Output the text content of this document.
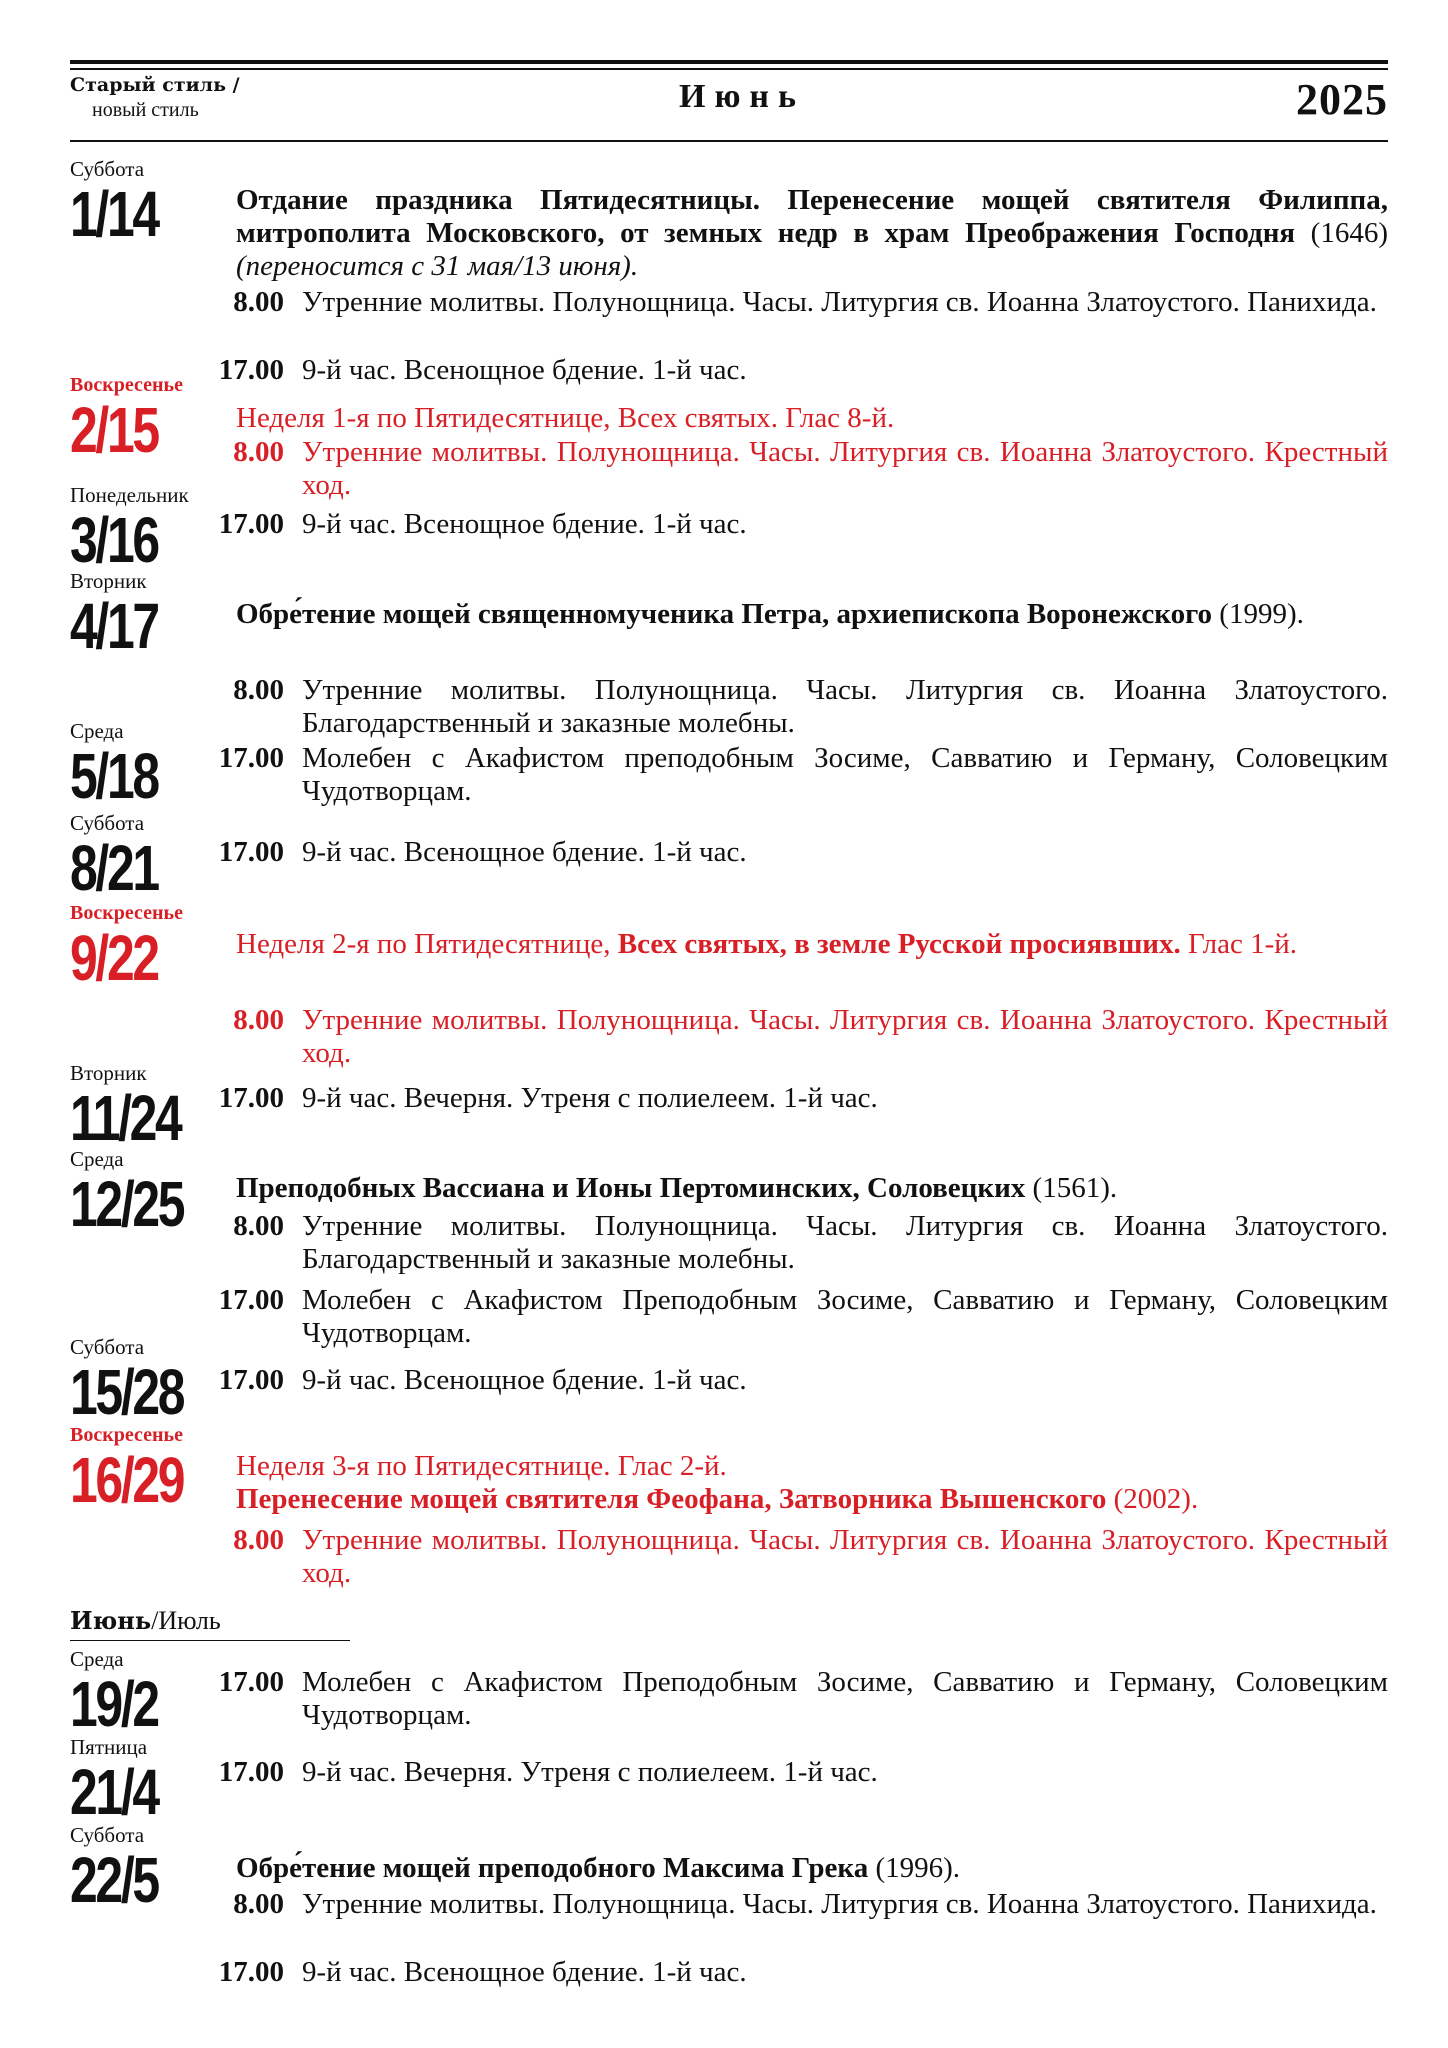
Старый стиль /
новый стиль	Июнь	2025
Суббота
1/14	Отдание праздника Пятидесятницы. Перенесение мощей святителя Филиппа, митрополита Московского, от земных недр в храм Преображения Господня (1646) (переносится с 31 мая/13 июня).
8.00 Утренние молитвы. Полунощница. Часы. Литургия св. Иоанна Златоустого. Панихида.
17.00 9-й час. Всенощное бдение. 1-й час.
Воскресенье
2/15	Неделя 1-я по Пятидесятнице, Всех святых. Глас 8-й.
8.00 Утренние молитвы. Полунощница. Часы. Литургия св. Иоанна Златоустого. Крестный ход.
Понедельник
3/16	17.00 9-й час. Всенощное бдение. 1-й час.
Вторник
4/17	Обре́тение мощей священномученика Петра, архиепископа Воронежского (1999).
8.00 Утренние молитвы. Полунощница. Часы. Литургия св. Иоанна Златоустого. Благодарственный и заказные молебны.
Среда
5/18	17.00 Молебен с Акафистом преподобным Зосиме, Савватию и Герману, Соловецким Чудотворцам.
Суббота
8/21	17.00 9-й час. Всенощное бдение. 1-й час.
Воскресенье
9/22	Неделя 2-я по Пятидесятнице, Всех святых, в земле Русской просиявших. Глас 1-й.
8.00 Утренние молитвы. Полунощница. Часы. Литургия св. Иоанна Златоустого. Крестный ход.
Вторник
11/24	17.00 9-й час. Вечерня. Утреня с полиелеем. 1-й час.
Среда
12/25 Преподобных Вассиана и Ионы Пертоминских, Соловецких (1561).
8.00 Утренние молитвы. Полунощница. Часы. Литургия св. Иоанна Златоустого. Благодарственный и заказные молебны.
17.00 Молебен с Акафистом Преподобным Зосиме, Савватию и Герману, Соловецким Чудотворцам.
Суббота
15/28	17.00 9-й час. Всенощное бдение. 1-й час.
Воскресенье
16/29 Неделя 3-я по Пятидесятнице. Глас 2-й.
Перенесение мощей святителя Феофана, Затворника Вышенского (2002).
8.00 Утренние молитвы. Полунощница. Часы. Литургия св. Иоанна Златоустого. Крестный ход.
Июнь/Июль
Среда
19/2	17.00 Молебен с Акафистом Преподобным Зосиме, Савватию и Герману, Соловецким Чудотворцам.
Пятница
21/4	17.00 9-й час. Вечерня. Утреня с полиелеем. 1-й час.
Суббота
22/5	Обре́тение мощей преподобного Максима Грека (1996).
8.00 Утренние молитвы. Полунощница. Часы. Литургия св. Иоанна Златоустого. Панихида.
17.00 9-й час. Всенощное бдение. 1-й час.
